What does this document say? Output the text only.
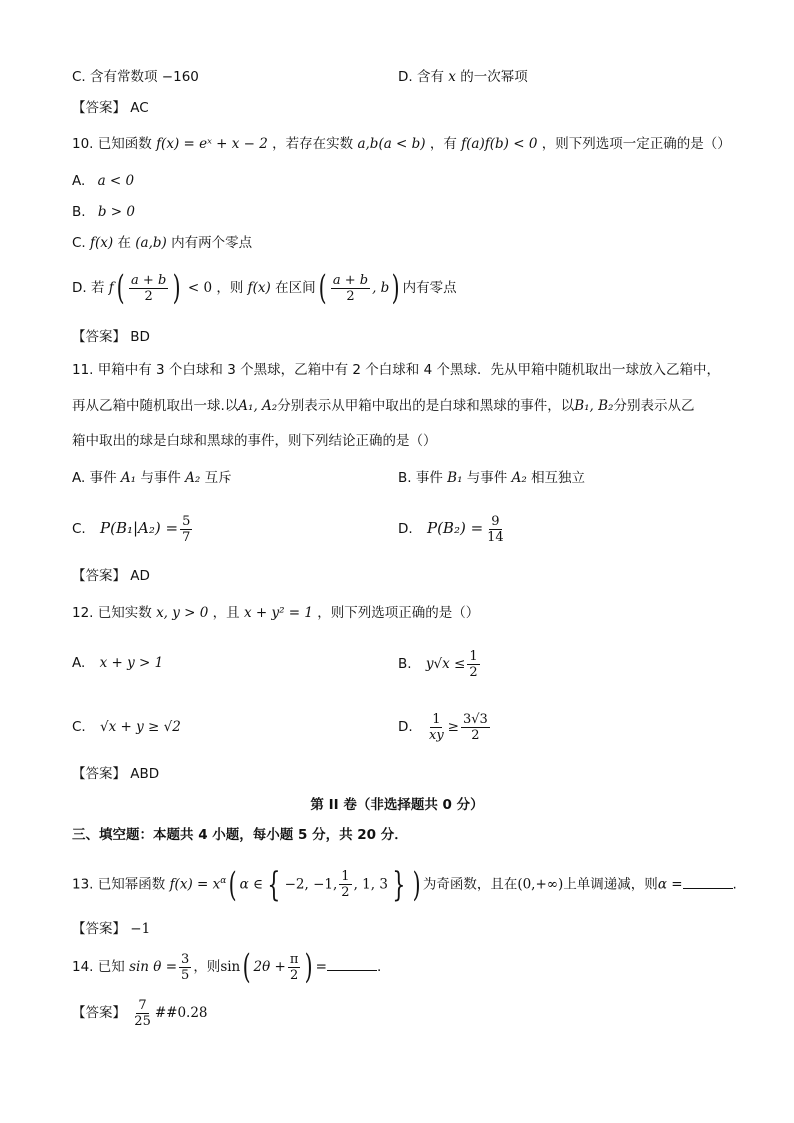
C. 含有常数项 −160	D. 含有 x 的一次幂项
【答案】 AC
10. 已知函数 f(x) = eˣ + x − 2 ，若存在实数 a,b(a < b) ，有 f(a)f(b) < 0 ，则下列选项一定正确的是（）
A. a < 0
B. b > 0
C. f(x) 在 (a,b) 内有两个零点
D. 若 $f( \frac{a + b}{2}$ ) < 0 ，则 f(x) 在区间( $\frac{a + b}{2}$ , b) 内有零点
【答案】 BD
11. 甲箱中有 3 个白球和 3 个黑球，乙箱中有 2 个白球和 4 个黑球．先从甲箱中随机取出一球放入乙箱中，
再从乙箱中随机取出一球.以A₁, A₂分别表示从甲箱中取出的是白球和黑球的事件，以B₁, B₂分别表示从乙
箱中取出的球是白球和黑球的事件，则下列结论正确的是（）
A. 事件 A₁ 与事件 A₂ 互斥	B. 事件 B₁ 与事件 A₂ 相互独立
C. $P(B_1|A_2) = \frac{5}{7}$	D. $P(B_2) = \frac{9}{14}$
【答案】 AD
12. 已知实数 x, y > 0 ，且 x + y² = 1 ，则下列选项正确的是（）
A. x + y > 1	B. $y√x \le \frac{1}{2}$
C. √x + y ≥ √2	D. $\frac{1}{xy} \ge \frac{3√3}{2}$
【答案】 ABD
第 II 卷（非选择题共 0 分）
三、填空题：本题共 4 小题，每小题 5 分，共 20 分．
13. 已知幂函数 $f(x) = x^\alpha$( α ∈ { −2, −1, $\frac{1}{2}$ , 1, 3 } ) 为奇函数，且在(0,+∞)上单调递减，则α =	.
【答案】 −1
14. 已知 $\sin \theta = \frac{3}{5}$ ，则sin( $2\theta + \frac{\pi}{2}$ ) =	.
【答案】 $\frac{7}{25}$ ##0.28
